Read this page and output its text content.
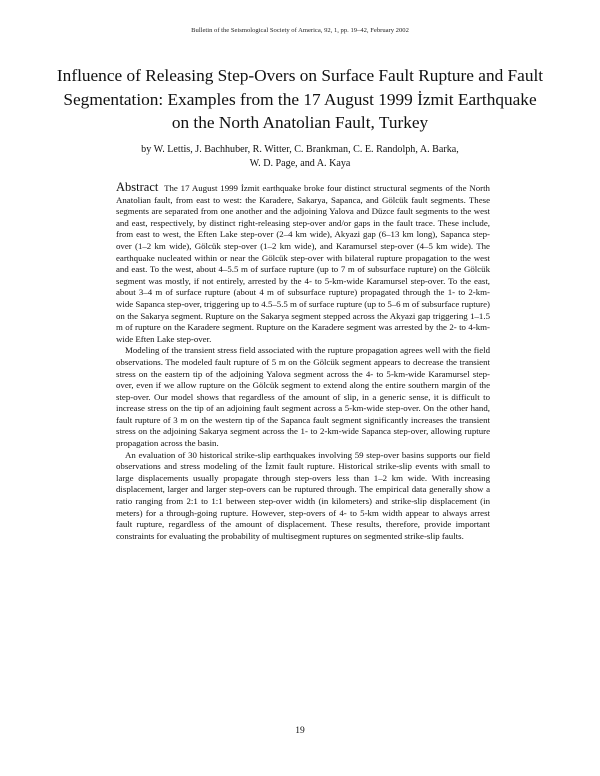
Bulletin of the Seismological Society of America, 92, 1, pp. 19–42, February 2002
Influence of Releasing Step-Overs on Surface Fault Rupture and Fault
Segmentation: Examples from the 17 August 1999 İzmit Earthquake
on the North Anatolian Fault, Turkey
by W. Lettis, J. Bachhuber, R. Witter, C. Brankman, C. E. Randolph, A. Barka,
W. D. Page, and A. Kaya

Abstract The 17 August 1999 İzmit earthquake broke four distinct structural segments of the North Anatolian fault, from east to west: the Karadere, Sakarya, Sapanca, and Gölcük fault segments. These segments are separated from one another and the adjoining Yalova and Düzce fault segments to the west and east, respectively, by distinct right-releasing step-over and/or gaps in the fault trace. These include, from east to west, the Eften Lake step-over (2–4 km wide), Akyazi gap (6–13 km long), Sapanca step-over (1–2 km wide), Gölcük step-over (1–2 km wide), and Karamursel step-over (4–5 km wide). The earthquake nucleated within or near the Gölcük step-over with bilateral rupture propagation to the west and east. To the west, about 4–5.5 m of surface rupture (up to 7 m of subsurface rupture) on the Gölcük segment was mostly, if not entirely, arrested by the 4- to 5-km-wide Karamursel step-over. To the east, about 3–4 m of surface rupture (about 4 m of subsurface rupture) propagated through the 1- to 2-km-wide Sapanca step-over, triggering up to 4.5–5.5 m of surface rupture (up to 5–6 m of subsurface rupture) on the Sakarya segment. Rupture on the Sakarya segment stepped across the Akyazi gap triggering 1–1.5 m of rupture on the Karadere segment. Rupture on the Karadere segment was arrested by the 2- to 4-km-wide Eften Lake step-over.

Modeling of the transient stress field associated with the rupture propagation agrees well with the field observations. The modeled fault rupture of 5 m on the Gölcük segment appears to decrease the transient stress on the eastern tip of the adjoining Yalova segment across the 4- to 5-km-wide Karamursel step-over, even if we allow rupture on the Gölcük segment to extend along the entire southern margin of the step-over. Our model shows that regardless of the amount of slip, in a generic sense, it is difficult to increase stress on the tip of an adjoining fault segment across a 5-km-wide step-over. On the other hand, fault rupture of 3 m on the western tip of the Sapanca fault segment significantly increases the transient stress on the adjoining Sakarya segment across the 1- to 2-km-wide Sapanca step-over, allowing rupture propagation across the basin.

An evaluation of 30 historical strike-slip earthquakes involving 59 step-over basins supports our field observations and stress modeling of the İzmit fault rupture. Historical strike-slip events with small to large displacements usually propagate through step-overs less than 1–2 km wide. With increasing displacement, larger and larger step-overs can be ruptured through. The empirical data generally show a ratio ranging from 2:1 to 1:1 between step-over width (in kilometers) and strike-slip displacement (in meters) for a through-going rupture. However, step-overs of 4- to 5-km width appear to always arrest fault rupture, regardless of the amount of displacement. These results, therefore, provide important constraints for evaluating the probability of multisegment ruptures on segmented strike-slip faults.

19
